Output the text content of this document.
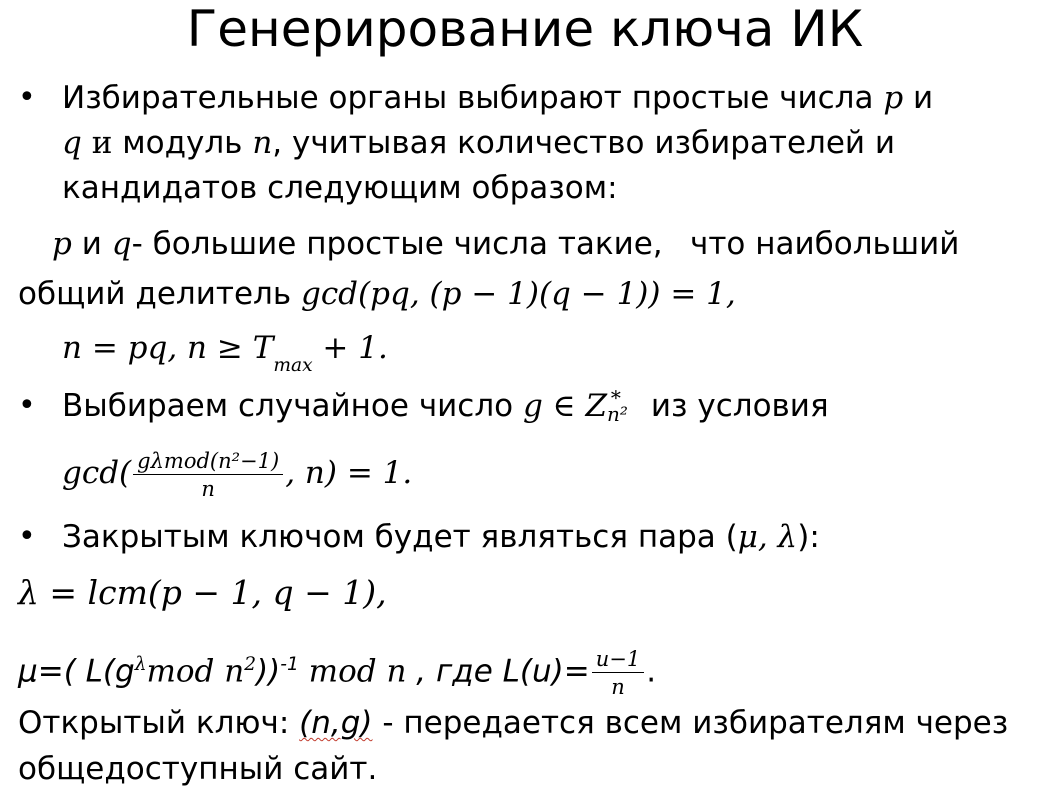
Генерирование ключа ИК
• Избирательные органы выбирают простые числа p и
q и модуль n, учитывая количество избирателей и
кандидатов следующим образом:
p и q- большие простые числа такие, что наибольший
общий делитель gcd(pq, (p − 1)(q − 1)) = 1,
n = pq, $n \ge T_{max} + 1$.
• Выбираем случайное число g ∈ Z ∗
n² из условия
$\gcd( \frac{\text{gλmod(n²−1)}}{n}$ , n) = 1.
• Закрытым ключом будет являться пара (μ, λ):
λ = lcm(p − 1, q − 1),
μ=( $L(g^\lambda mod$ $n^2))^{-1}$ mod n , где $L(u)= \frac{u-1}{n}$ .
Открытый ключ: (n,g) - передается всем избирателям через
общедоступный сайт.
